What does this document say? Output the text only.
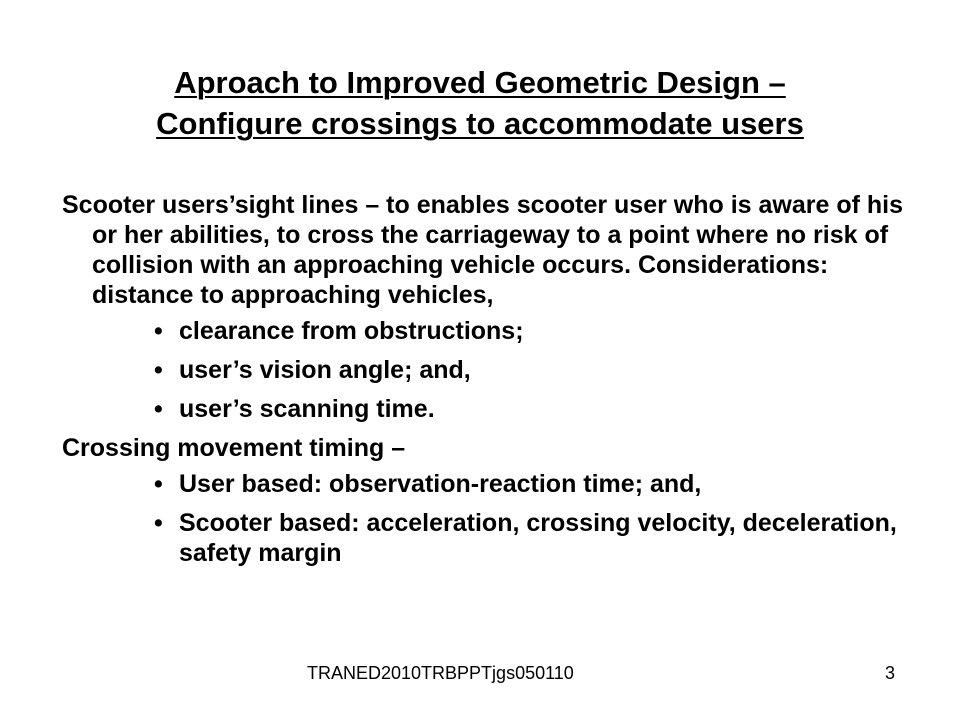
Aproach to Improved Geometric Design –
Configure crossings to accommodate users

Scooter users’sight lines – to enables scooter user who is aware of his or her abilities, to cross the carriageway to a point where no risk of collision with an approaching vehicle occurs. Considerations: distance to approaching vehicles,

• clearance from obstructions;
• user’s vision angle; and,
• user’s scanning time.

Crossing movement timing –

• User based: observation-reaction time; and,
• Scooter based: acceleration, crossing velocity, deceleration, safety margin
TRANED2010TRBPPTjgs050110	3
